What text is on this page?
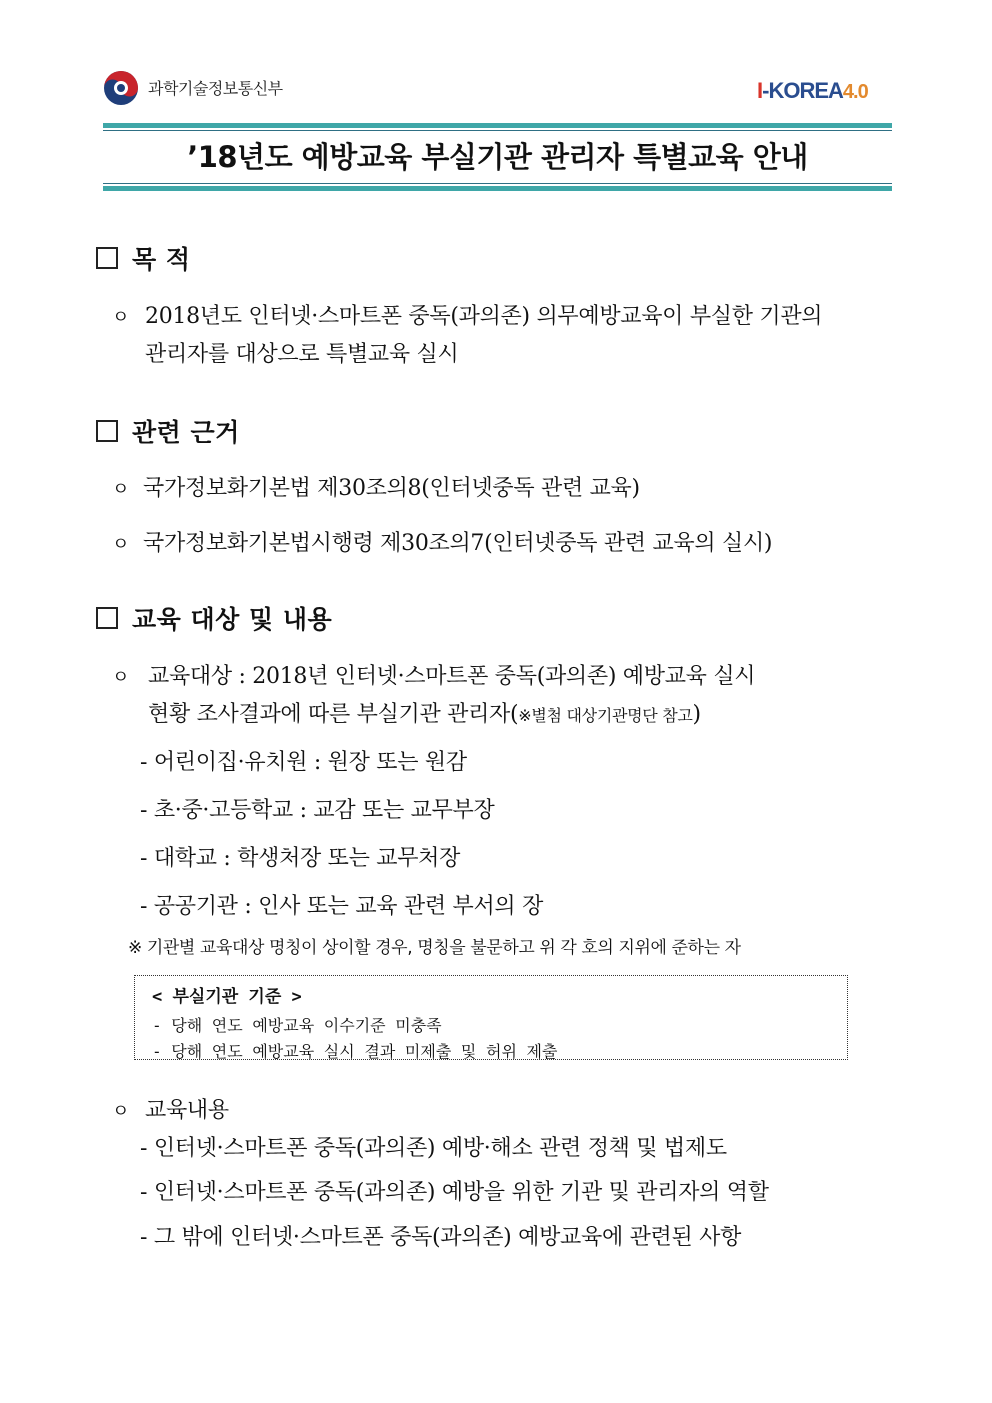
과학기술정보통신부	I-KOREA4.0
’18년도 예방교육 부실기관 관리자 특별교육 안내
목 적
ㅇ 2018년도 인터넷·스마트폰 중독(과의존) 의무예방교육이 부실한 기관의
관리자를 대상으로 특별교육 실시
관련 근거
ㅇ 국가정보화기본법 제30조의8(인터넷중독 관련 교육)
ㅇ 국가정보화기본법시행령 제30조의7(인터넷중독 관련 교육의 실시)
교육 대상 및 내용
ㅇ 교육대상 : 2018년 인터넷·스마트폰 중독(과의존) 예방교육 실시
현황 조사결과에 따른 부실기관 관리자(※별첨 대상기관명단 참고)
- 어린이집·유치원 : 원장 또는 원감
- 초·중·고등학교 : 교감 또는 교무부장
- 대학교 : 학생처장 또는 교무처장
- 공공기관 : 인사 또는 교육 관련 부서의 장
※ 기관별 교육대상 명칭이 상이할 경우, 명칭을 불문하고 위 각 호의 지위에 준하는 자
< 부실기관 기준 >
- 당해 연도 예방교육 이수기준 미충족
- 당해 연도 예방교육 실시 결과 미제출 및 허위 제출
ㅇ 교육내용
- 인터넷·스마트폰 중독(과의존) 예방·해소 관련 정책 및 법제도
- 인터넷·스마트폰 중독(과의존) 예방을 위한 기관 및 관리자의 역할
- 그 밖에 인터넷·스마트폰 중독(과의존) 예방교육에 관련된 사항
